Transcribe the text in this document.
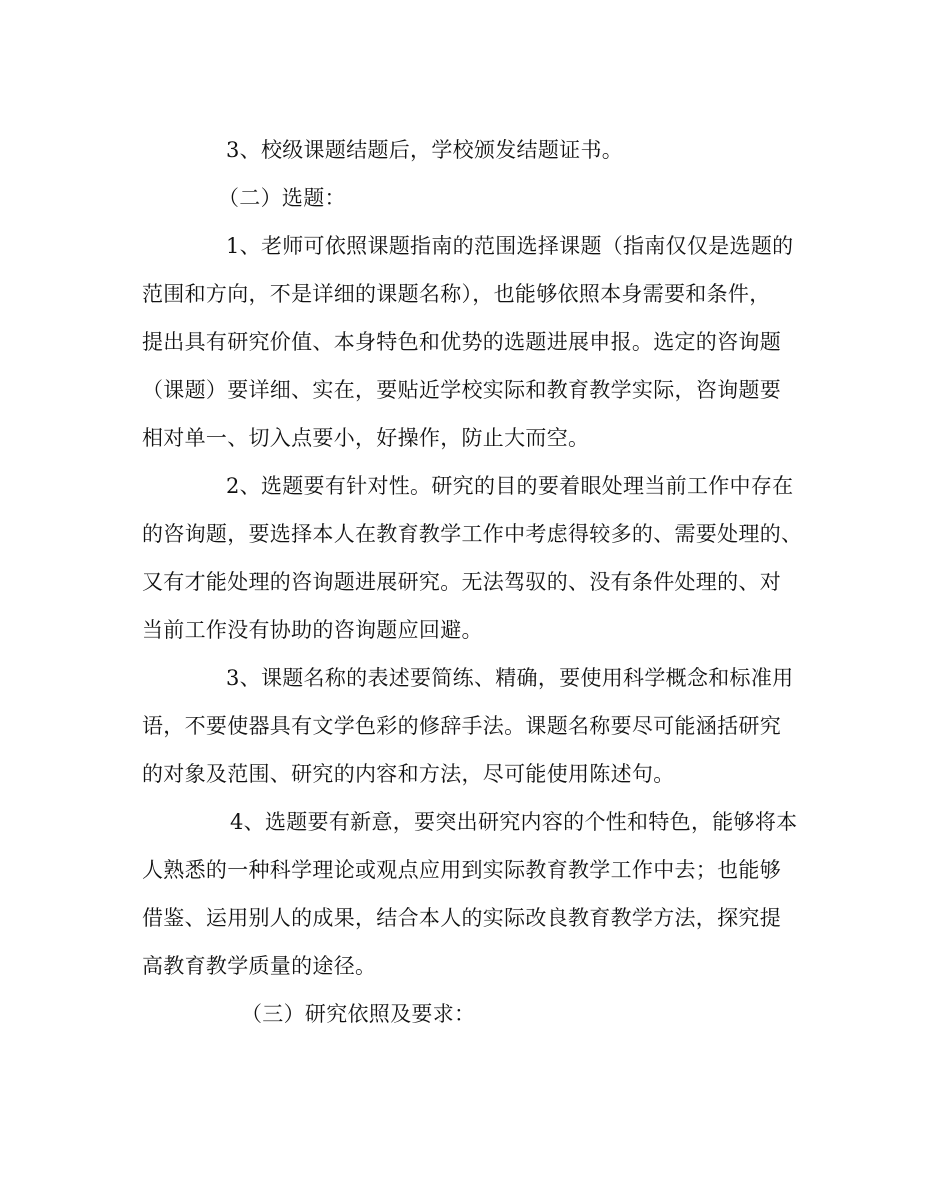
3、校级课题结题后，学校颁发结题证书。
（二）选题：
1、老师可依照课题指南的范围选择课题（指南仅仅是选题的
范围和方向，不是详细的课题名称），也能够依照本身需要和条件，
提出具有研究价值、本身特色和优势的选题进展申报。选定的咨询题
（课题）要详细、实在，要贴近学校实际和教育教学实际，咨询题要
相对单一、切入点要小，好操作，防止大而空。
2、选题要有针对性。研究的目的要着眼处理当前工作中存在
的咨询题，要选择本人在教育教学工作中考虑得较多的、需要处理的、
又有才能处理的咨询题进展研究。无法驾驭的、没有条件处理的、对
当前工作没有协助的咨询题应回避。
3、课题名称的表述要简练、精确，要使用科学概念和标准用
语，不要使器具有文学色彩的修辞手法。课题名称要尽可能涵括研究
的对象及范围、研究的内容和方法，尽可能使用陈述句。
4、选题要有新意，要突出研究内容的个性和特色，能够将本
人熟悉的一种科学理论或观点应用到实际教育教学工作中去；也能够
借鉴、运用别人的成果，结合本人的实际改良教育教学方法，探究提
高教育教学质量的途径。
（三）研究依照及要求：
